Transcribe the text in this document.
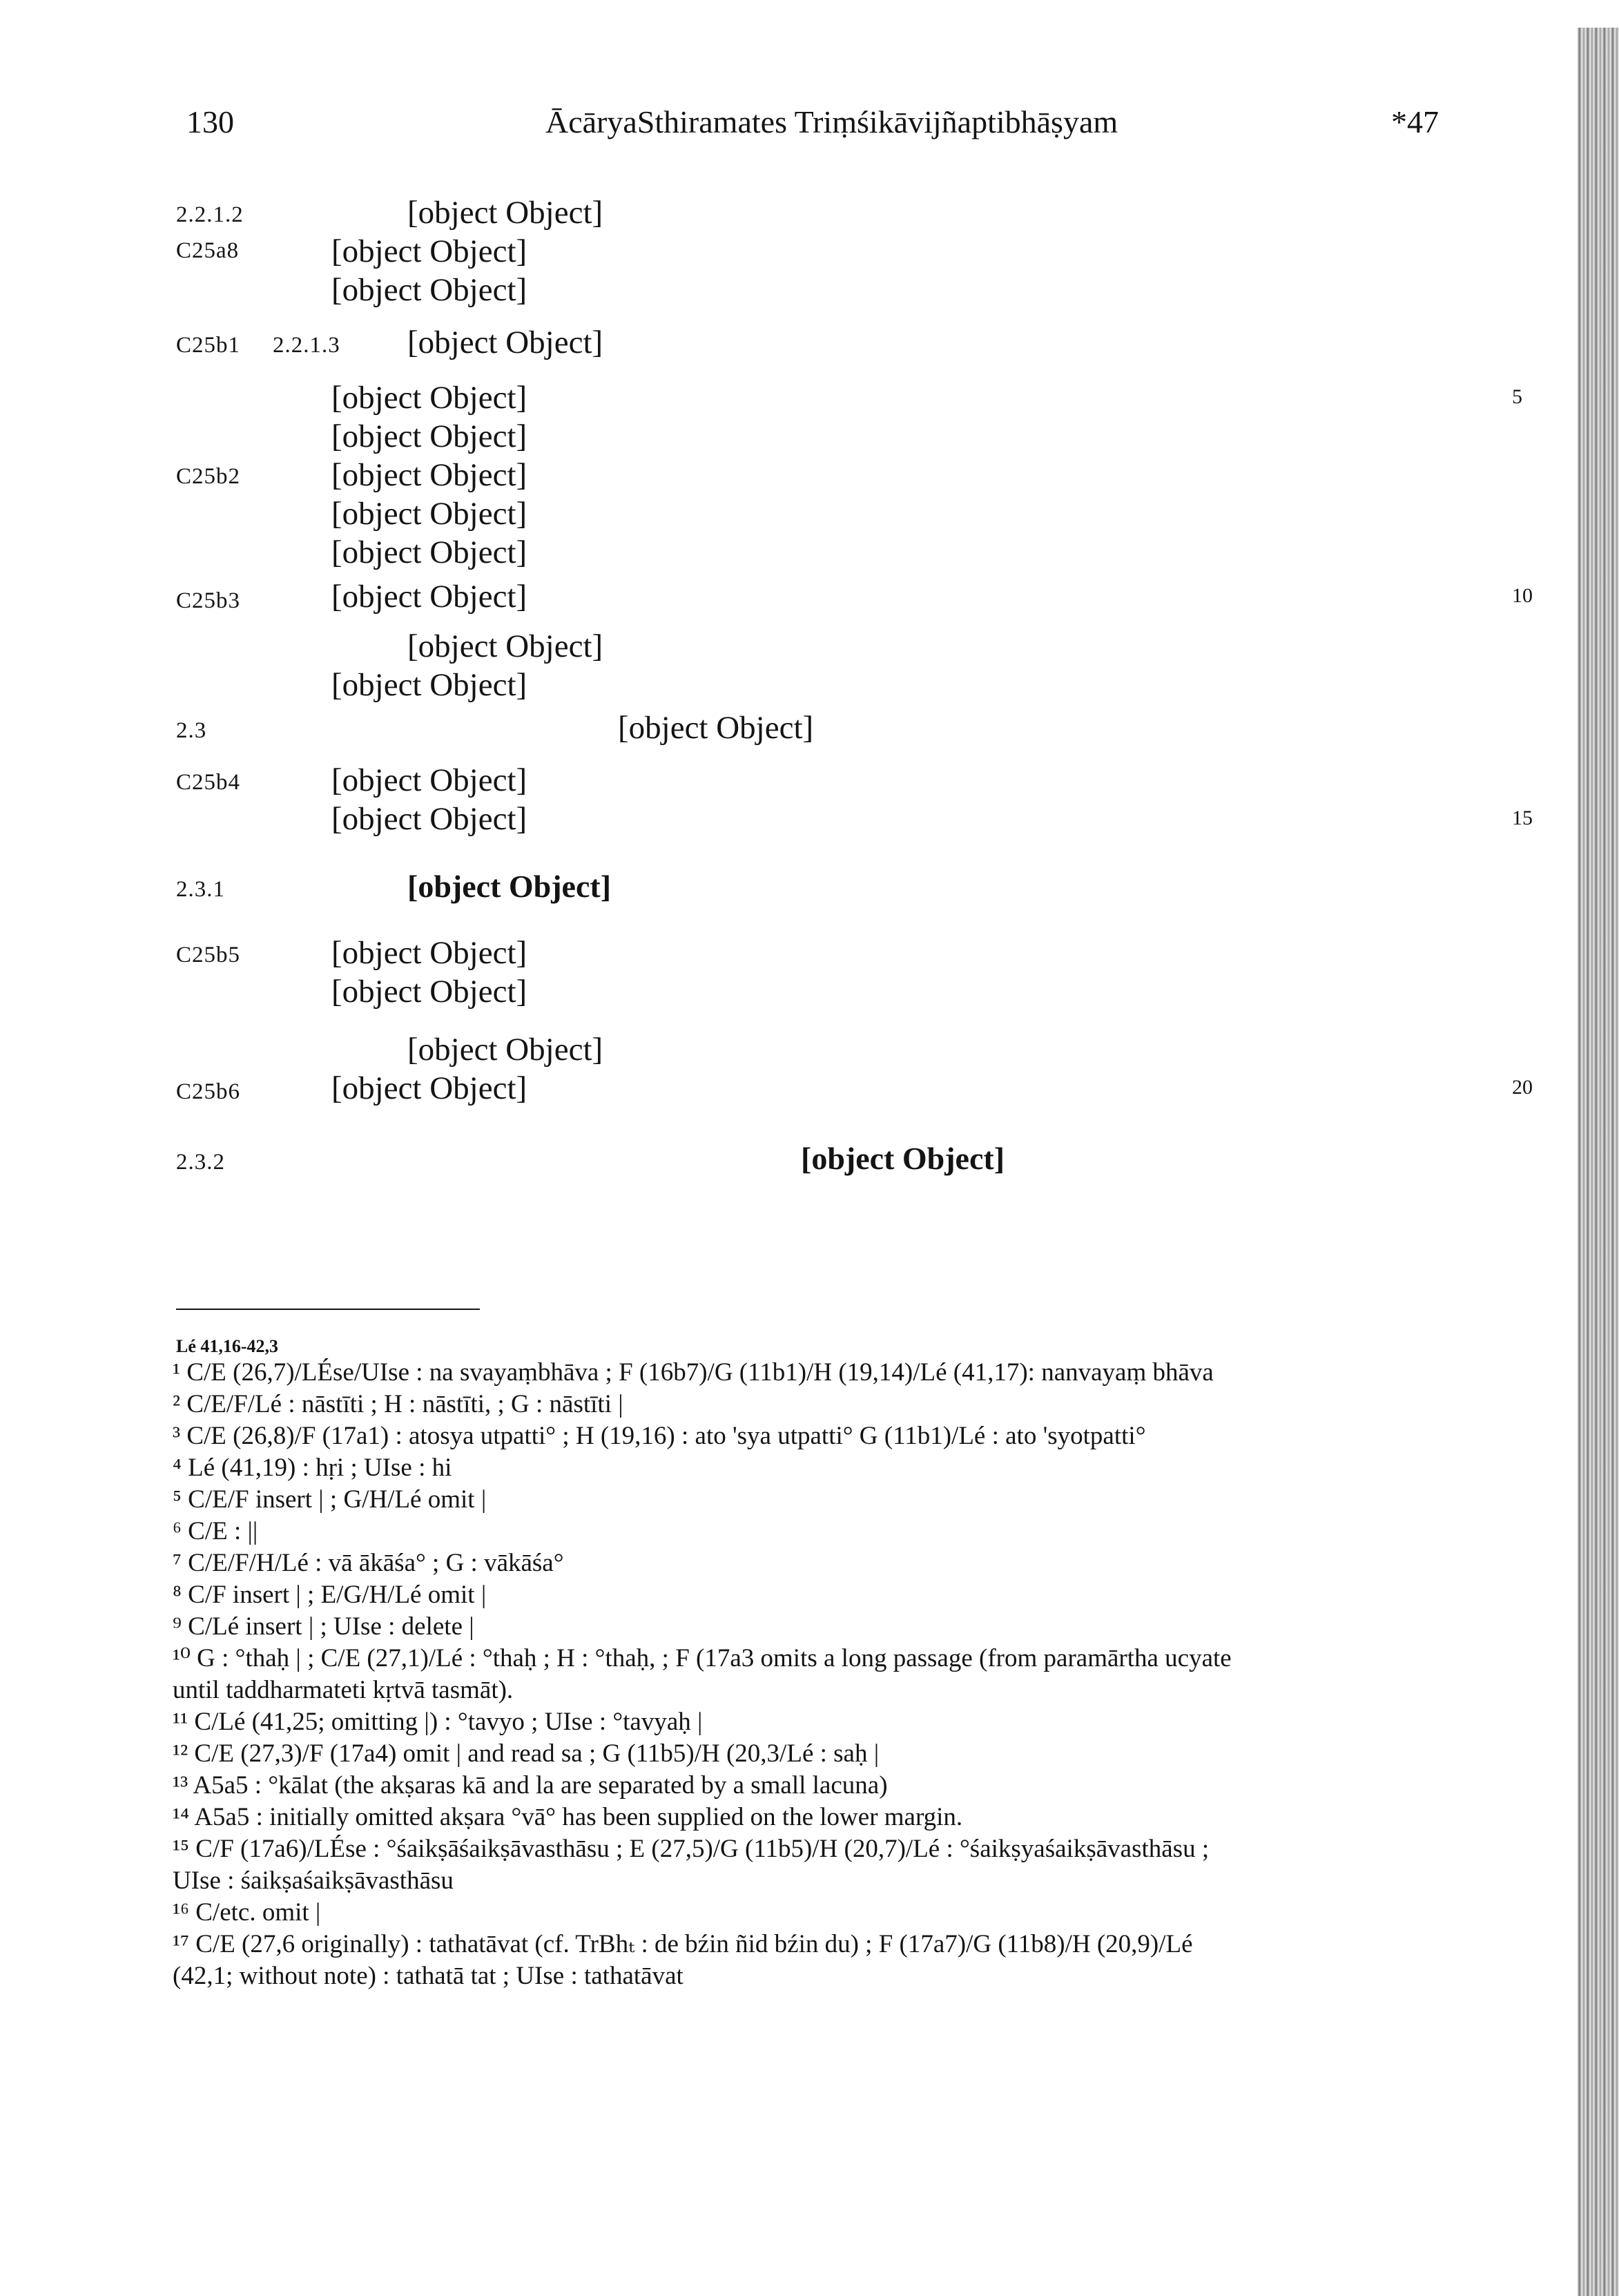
130	ĀcāryaSthiramates Triṃśikāvijñaptibhāṣyam	*47
2.2.1.2
C25a8
C25b1 2.2.1.3
C25b2
C25b3
2.3
C25b4
2.3.1
C25b5
C25b6
2.3.2
[object Object]
[object Object]
[object Object]
[object Object]
[object Object]
[object Object]
[object Object]
[object Object]
[object Object]
[object Object]
[object Object]
[object Object]
[object Object]
[object Object]
[object Object]
[object Object]
[object Object]
[object Object]
[object Object]
[object Object]
[object Object]
5
10
15
20
Lé 41,16-42,3
¹ C/E (26,7)/LÉse/UIse : na svayaṃbhāva ; F (16b7)/G (11b1)/H (19,14)/Lé (41,17): nanvayaṃ bhāva
² C/E/F/Lé : nāstīti ; H : nāstīti, ; G : nāstīti |
³ C/E (26,8)/F (17a1) : atosya utpatti° ; H (19,16) : ato 'sya utpatti° G (11b1)/Lé : ato 'syotpatti°
⁴ Lé (41,19) : hṛi ; UIse : hi
⁵ C/E/F insert | ; G/H/Lé omit |
⁶ C/E : ||
⁷ C/E/F/H/Lé : vā ākāśa° ; G : vākāśa°
⁸ C/F insert | ; E/G/H/Lé omit |
⁹ C/Lé insert | ; UIse : delete |
¹⁰ G : °thaḥ | ; C/E (27,1)/Lé : °thaḥ ; H : °thaḥ, ; F (17a3 omits a long passage (from paramārtha ucyate
until taddharmateti kṛtvā tasmāt).
¹¹ C/Lé (41,25; omitting |) : °tavyo ; UIse : °tavyaḥ |
¹² C/E (27,3)/F (17a4) omit | and read sa ; G (11b5)/H (20,3/Lé : saḥ |
¹³ A5a5 : °kālat (the akṣaras kā and la are separated by a small lacuna)
¹⁴ A5a5 : initially omitted akṣara °vā° has been supplied on the lower margin.
¹⁵ C/F (17a6)/LÉse : °śaikṣāśaikṣāvasthāsu ; E (27,5)/G (11b5)/H (20,7)/Lé : °śaikṣyaśaikṣāvasthāsu ;
UIse : śaikṣaśaikṣāvasthāsu
¹⁶ C/etc. omit |
¹⁷ C/E (27,6 originally) : tathatāvat (cf. TrBhₜ : de bźin ñid bźin du) ; F (17a7)/G (11b8)/H (20,9)/Lé
(42,1; without note) : tathatā tat ; UIse : tathatāvat
